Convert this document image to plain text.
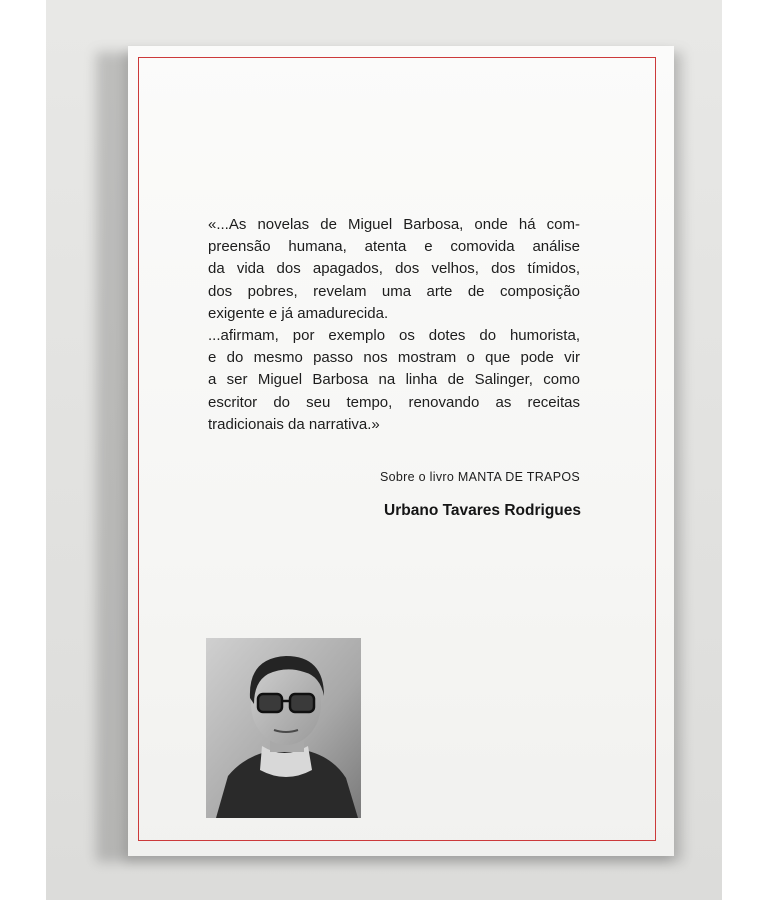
«...As novelas de Miguel Barbosa, onde há com-
preensão humana, atenta e comovida análise
da vida dos apagados, dos velhos, dos tímidos,
dos pobres, revelam uma arte de composição
exigente e já amadurecida.
...afirmam, por exemplo os dotes do humorista,
e do mesmo passo nos mostram o que pode vir
a ser Miguel Barbosa na linha de Salinger, como
escritor do seu tempo, renovando as receitas
tradicionais da narrativa.»

Sobre o livro MANTA DE TRAPOS

Urbano Tavares Rodrigues
